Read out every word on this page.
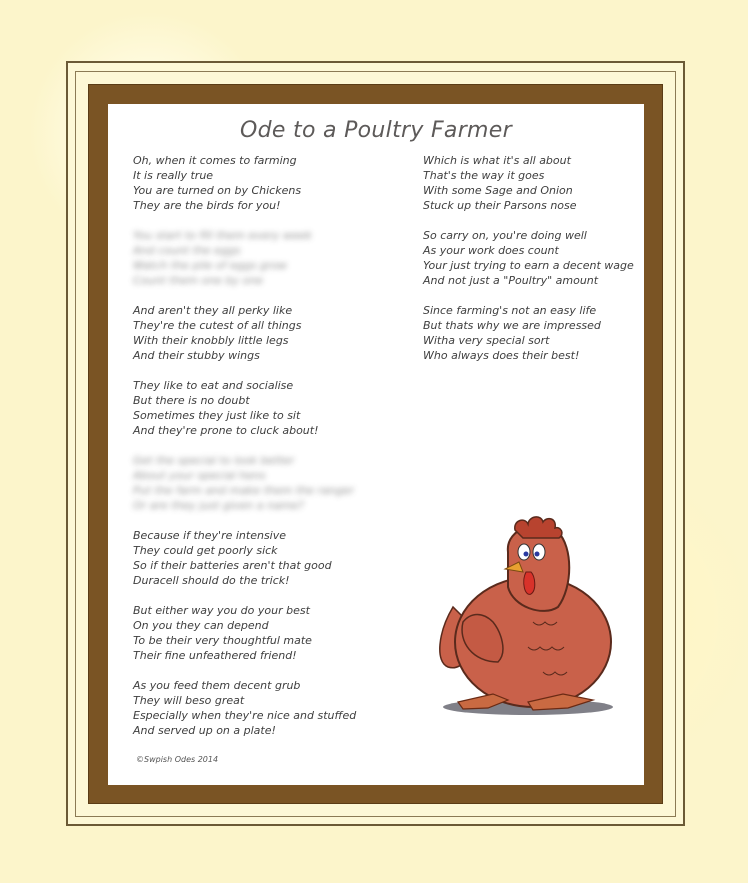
Ode to a Poultry Farmer
Oh, when it comes to farming
It is really true
You are turned on by Chickens
They are the birds for you!
You start to fill them every week
And count the eggs
Watch the pile of eggs grow
Count them one by one
And aren't they all perky like
They're the cutest of all things
With their knobbly little legs
And their stubby wings
They like to eat and socialise
But there is no doubt
Sometimes they just like to sit
And they're prone to cluck about!
Get the special to look better
About your special hens
Put the farm and make them the ranger
Or are they just given a name?
Because if they're intensive
They could get poorly sick
So if their batteries aren't that good
Duracell should do the trick!
But either way you do your best
On you they can depend
To be their very thoughtful mate
Their fine unfeathered friend!
As you feed them decent grub
They will beso great
Especially when they're nice and stuffed
And served up on a plate!
Which is what it's all about
That's the way it goes
With some Sage and Onion
Stuck up their Parsons nose
So carry on, you're doing well
As your work does count
Your just trying to earn a decent wage
And not just a "Poultry" amount
Since farming's not an easy life
But thats why we are impressed
Witha very special sort
Who always does their best!
©Swpish Odes 2014
